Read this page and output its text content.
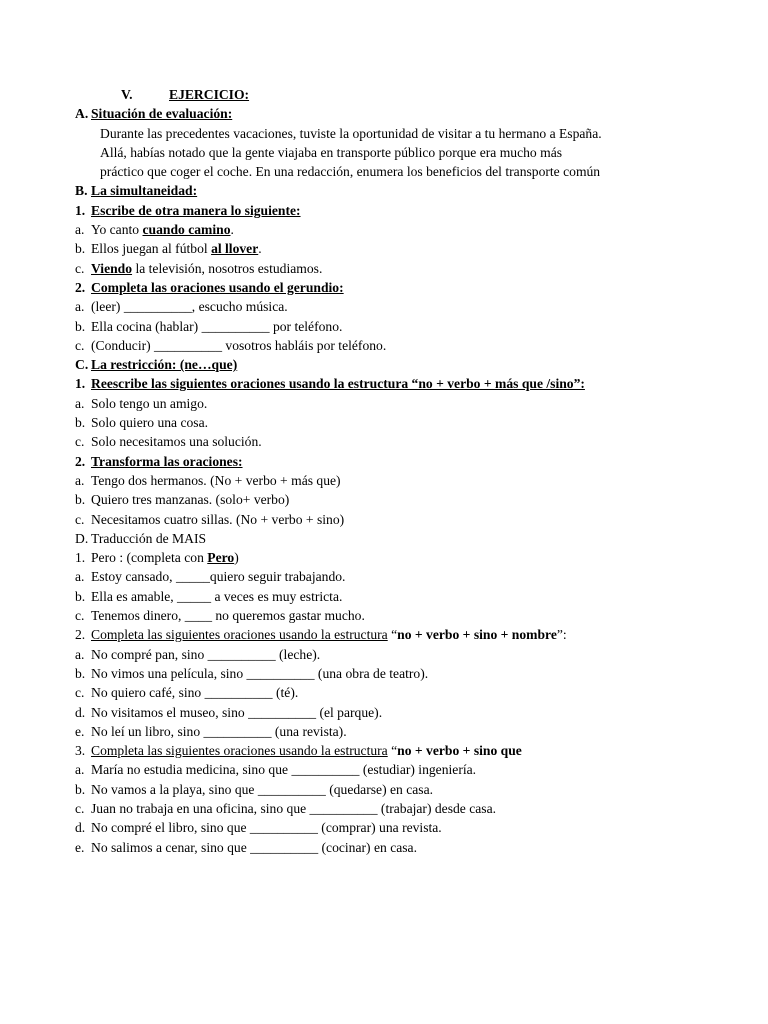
V.	EJERCICIO:
A. Situación de evaluación:
Durante las precedentes vacaciones, tuviste la oportunidad de visitar a tu hermano a España.
Allá, habías notado que la gente viajaba en transporte público porque era mucho más
práctico que coger el coche. En una redacción, enumera los beneficios del transporte común
B. La simultaneidad:
1. Escribe de otra manera lo siguiente:
a. Yo canto cuando camino .
b. Ellos juegan al fútbol al llover .
c. Viendo la televisión, nosotros estudiamos.
2. Completa las oraciones usando el gerundio:
a. (leer) __________, escucho música.
b. Ella cocina (hablar) __________ por teléfono.
c. (Conducir) __________ vosotros habláis por teléfono.
C. La restricción: (ne…que)
1. Reescribe las siguientes oraciones usando la estructura “no + verbo + más que /sino”:
a. Solo tengo un amigo.
b. Solo quiero una cosa.
c. Solo necesitamos una solución.
2. Transforma las oraciones:
a. Tengo dos hermanos. (No + verbo + más que)
b. Quiero tres manzanas. (solo+ verbo)
c. Necesitamos cuatro sillas. (No + verbo + sino)
D. Traducción de MAIS
1. Pero : (completa con Pero )
a. Estoy cansado, _____quiero seguir trabajando.
b. Ella es amable, _____ a veces es muy estricta.
c. Tenemos dinero, ____ no queremos gastar mucho.
2. Completa las siguientes oraciones usando la estructura “ no + verbo + sino + nombre ”:
a. No compré pan, sino __________ (leche).
b. No vimos una película, sino __________ (una obra de teatro).
c. No quiero café, sino __________ (té).
d. No visitamos el museo, sino __________ (el parque).
e. No leí un libro, sino __________ (una revista).
3. Completa las siguientes oraciones usando la estructura “ no + verbo + sino que
a. María no estudia medicina, sino que __________ (estudiar) ingeniería.
b. No vamos a la playa, sino que __________ (quedarse) en casa.
c. Juan no trabaja en una oficina, sino que __________ (trabajar) desde casa.
d. No compré el libro, sino que __________ (comprar) una revista.
e. No salimos a cenar, sino que __________ (cocinar) en casa.
